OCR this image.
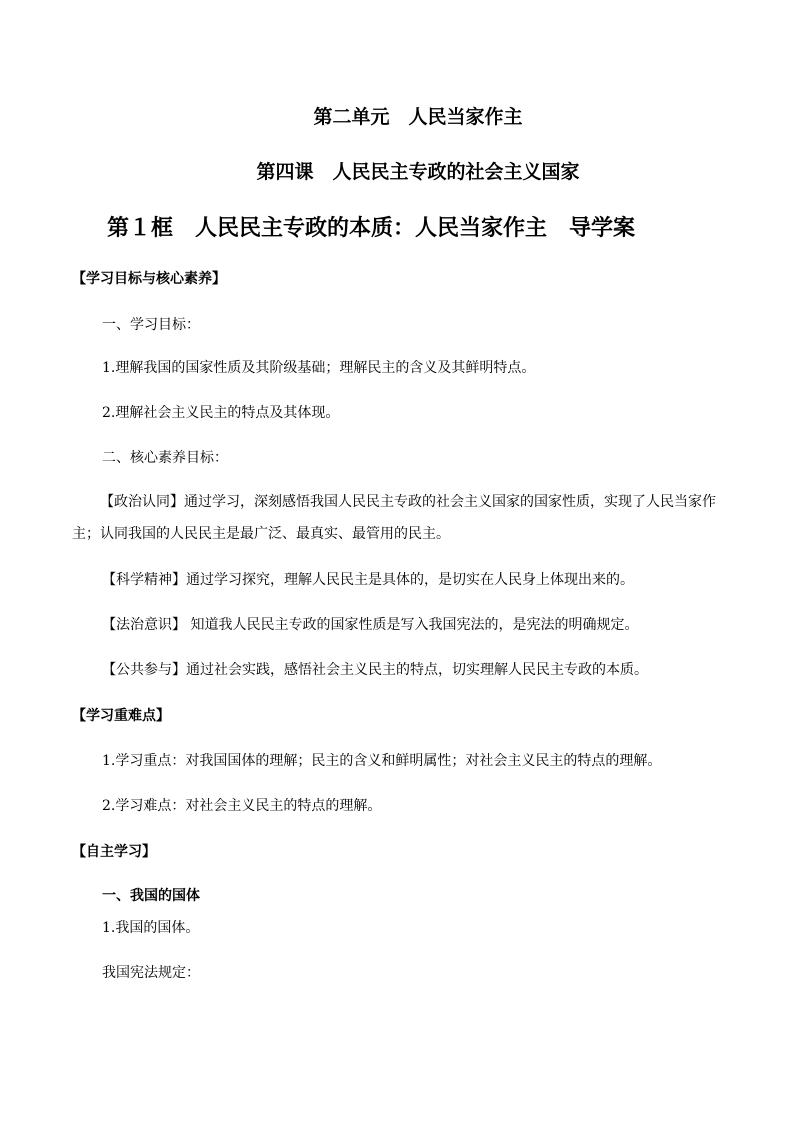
第二单元　人民当家作主
第四课　人民民主专政的社会主义国家
第１框　人民民主专政的本质：人民当家作主　导学案
【学习目标与核心素养】
一、学习目标：
1.理解我国的国家性质及其阶级基础；理解民主的含义及其鲜明特点。
2.理解社会主义民主的特点及其体现。
二、核心素养目标：
【政治认同】通过学习，深刻感悟我国人民民主专政的社会主义国家的国家性质，实现了人民当家作
主；认同我国的人民民主是最广泛、最真实、最管用的民主。
【科学精神】通过学习探究，理解人民民主是具体的，是切实在人民身上体现出来的。
【法治意识】 知道我人民民主专政的国家性质是写入我国宪法的，是宪法的明确规定。
【公共参与】通过社会实践，感悟社会主义民主的特点，切实理解人民民主专政的本质。
【学习重难点】
1.学习重点：对我国国体的理解；民主的含义和鲜明属性；对社会主义民主的特点的理解。
2.学习难点：对社会主义民主的特点的理解。
【自主学习】
一、我国的国体
1.我国的国体。
我国宪法规定：
